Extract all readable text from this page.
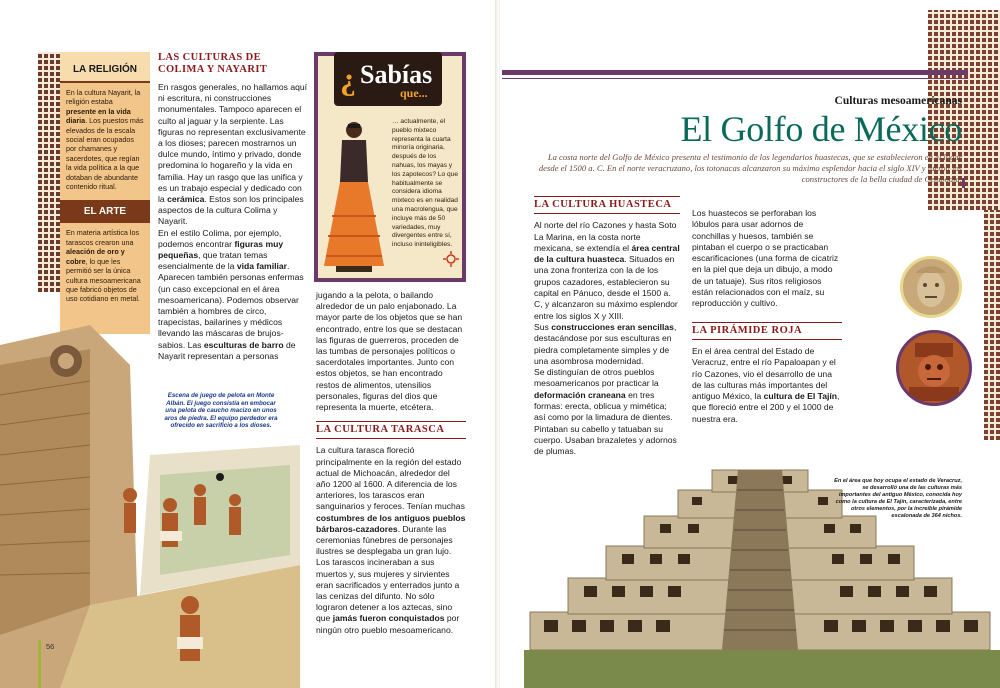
LA RELIGIÓN
En la cultura Nayarit, la religión estaba presente en la vida diaria. Los puestos más elevados de la escala social eran ocupados por chamanes y sacerdotes, que regían la vida política a la que dotaban de abundante contenido ritual.
EL ARTE
En materia artística los tarascos crearon una aleación de oro y cobre, lo que les permitió ser la única cultura mesoamericana que fabricó objetos de uso cotidiano en metal.
LAS CULTURAS DE COLIMA Y NAYARIT
En rasgos generales, no hallamos aquí ni escritura, ni construcciones monumentales. Tampoco aparecen el culto al jaguar y la serpiente. Las figuras no representan exclusivamente a los dioses; parecen mostrarnos un dulce mundo, íntimo y privado, donde predomina lo hogareño y la vida en familia. Hay un rasgo que las unifica y es un trabajo especial y dedicado con la cerámica. Estos son los principales aspectos de la cultura Colima y Nayarit.
En el estilo Colima, por ejemplo, podemos encontrar figuras muy pequeñas, que tratan temas esencialmente de la vida familiar. Aparecen también personas enfermas (un caso excepcional en el área mesoamericana). Podemos observar también a hombres de circo, trapecistas, bailarines y médicos llevando las máscaras de brujos-sabios. Las esculturas de barro de Nayarit representan a personas
¿ Sabías
que...
… actualmente, el pueblo mixteco representa la cuarta minoría originaria, después de los nahuas, los mayas y los zapotecos? Lo que habitualmente se considera idioma mixteco es en realidad una macrolengua, que incluye más de 50 variedades, muy divergentes entre sí, incluso ininteligibles.
jugando a la pelota, o bailando alrededor de un palo enjabonado. La mayor parte de los objetos que se han encontrado, entre los que se destacan las figuras de guerreros, proceden de las tumbas de personajes políticos o sacerdotales importantes. Junto con estos objetos, se han encontrado restos de alimentos, utensilios personales, figuras del dios que representa la muerte, etcétera.
LA CULTURA TARASCA
La cultura tarasca floreció principalmente en la región del estado actual de Michoacán, alrededor del año 1200 al 1600. A diferencia de los anteriores, los tarascos eran sanguinarios y feroces. Tenían muchas costumbres de los antiguos pueblos bárbaros-cazadores. Durante las ceremonias fúnebres de personajes ilustres se desplegaba un gran lujo. Los tarascos incineraban a sus muertos y, sus mujeres y sirvientes eran sacrificados y enterrados junto a las cenizas del difunto. No sólo lograron detener a los aztecas, sino que jamás fueron conquistados por ningún otro pueblo mesoamericano.
Escena de juego de pelota en Monte Albán. El juego consistía en embocar una pelota de caucho macizo en unos aros de piedra. El equipo perdedor era ofrecido en sacrificio a los dioses.
56
Culturas mesoamericanas
El Golfo de México
La costa norte del Golfo de México presenta el testimonio de los legendarios huastecas, que se establecieron en el lugar desde el 1500 a. C. En el norte veracruzano, los totonacas alcanzaron su máximo esplendor hacia el siglo XIV y fueron los constructores de la bella ciudad de Cempoala.
LA CULTURA HUASTECA
Al norte del río Cazones y hasta Soto La Marina, en la costa norte mexicana, se extendía el área central de la cultura huasteca. Situados en una zona fronteriza con la de los grupos cazadores, establecieron su capital en Pánuco, desde el 1500 a. C, y alcanzaron su máximo esplendor entre los siglos X y XIII.
Sus construcciones eran sencillas, destacándose por sus esculturas en piedra completamente simples y de una asombrosa modernidad.
Se distinguían de otros pueblos mesoamericanos por practicar la deformación craneana en tres formas: erecta, oblicua y mimética; así como por la limadura de dientes. Pintaban su cabello y tatuaban su cuerpo. Usaban brazaletes y adornos de plumas.
Los huastecos se perforaban los lóbulos para usar adornos de conchillas y huesos, también se pintaban el cuerpo o se practicaban escarificaciones (una forma de cicatriz en la piel que deja un dibujo, a modo de un tatuaje). Sus ritos religiosos están relacionados con el maíz, su reproducción y cultivo.
LA PIRÁMIDE ROJA
En el área central del Estado de Veracruz, entre el río Papaloapan y el río Cazones, vio el desarrollo de una de las culturas más importantes del antiguo México, la cultura de El Tajín, que floreció entre el 200 y el 1000 de nuestra era.
En el área que hoy ocupa el estado de Veracruz, se desarrolló una de las culturas más importantes del antiguo México, conocida hoy como la cultura de El Tajín, caracterizada, entre otros elementos, por la increíble pirámide escalonada de 364 nichos.
